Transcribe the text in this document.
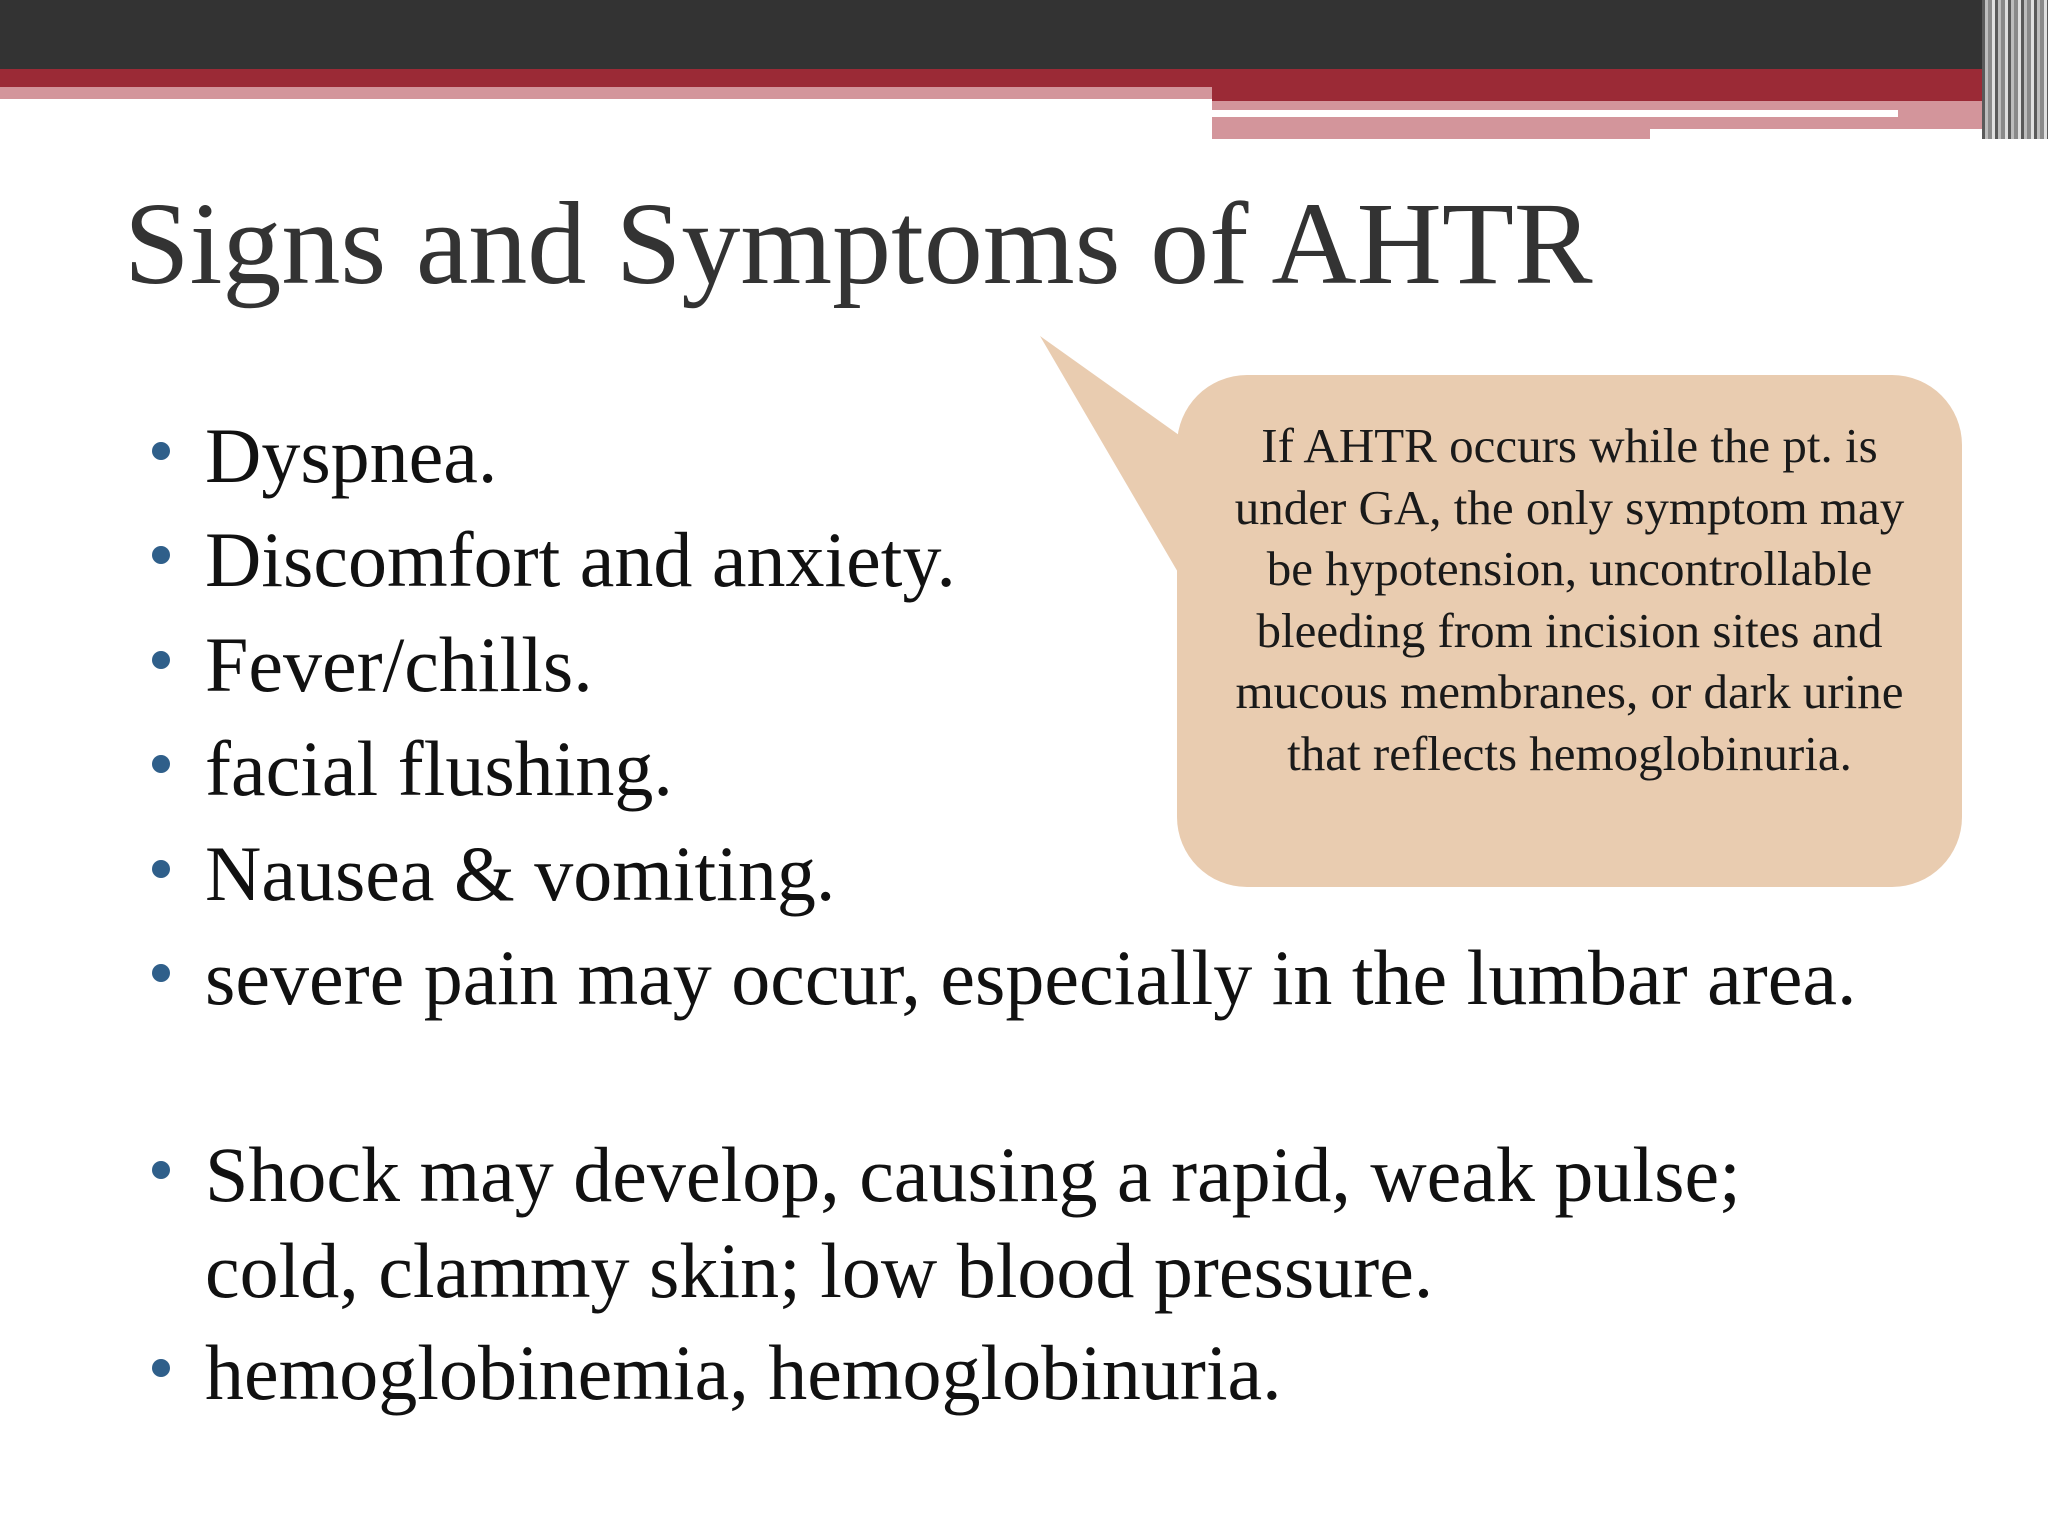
Signs and Symptoms of AHTR
Dyspnea.
Discomfort and anxiety.
Fever/chills.
facial flushing.
Nausea & vomiting.
severe pain may occur, especially in the lumbar area.
Shock may develop, causing a rapid, weak pulse; cold, clammy skin; low blood pressure.
hemoglobinemia, hemoglobinuria.
If AHTR occurs while the pt. is under GA, the only symptom may be hypotension, uncontrollable bleeding from incision sites and mucous membranes, or dark urine that reflects hemoglobinuria.
